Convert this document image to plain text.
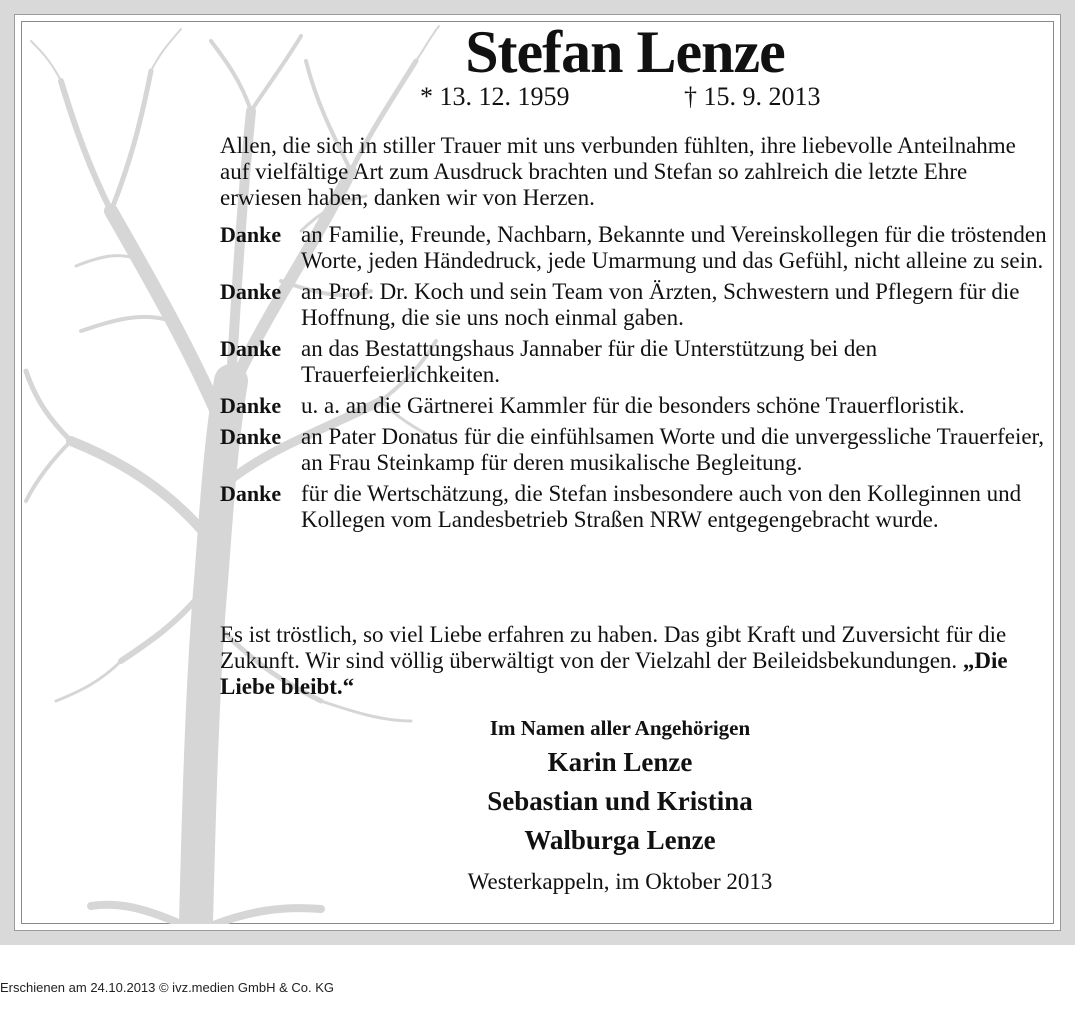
Stefan Lenze
* 13. 12. 1959	† 15. 9. 2013
Allen, die sich in stiller Trauer mit uns verbunden fühlten, ihre liebevolle Anteilnahme auf vielfältige Art zum Ausdruck brachten und Stefan so zahlreich die letzte Ehre erwiesen haben, danken wir von Herzen.
Danke an Familie, Freunde, Nachbarn, Bekannte und Vereinskollegen für die tröstenden Worte, jeden Händedruck, jede Umarmung und das Gefühl, nicht alleine zu sein.
Danke an Prof. Dr. Koch und sein Team von Ärzten, Schwestern und Pflegern für die Hoffnung, die sie uns noch einmal gaben.
Danke an das Bestattungshaus Jannaber für die Unterstützung bei den Trauerfeierlichkeiten.
Danke u. a. an die Gärtnerei Kammler für die besonders schöne Trauerfloristik.
Danke an Pater Donatus für die einfühlsamen Worte und die unvergessliche Trauerfeier, an Frau Steinkamp für deren musikalische Begleitung.
Danke für die Wertschätzung, die Stefan insbesondere auch von den Kolleginnen und Kollegen vom Landesbetrieb Straßen NRW entgegengebracht wurde.
Es ist tröstlich, so viel Liebe erfahren zu haben. Das gibt Kraft und Zuversicht für die Zukunft. Wir sind völlig überwältigt von der Vielzahl der Beileidsbekundungen. „Die Liebe bleibt.“
Im Namen aller Angehörigen
Karin Lenze
Sebastian und Kristina
Walburga Lenze
Westerkappeln, im Oktober 2013
Erschienen am 24.10.2013 © ivz.medien GmbH & Co. KG
